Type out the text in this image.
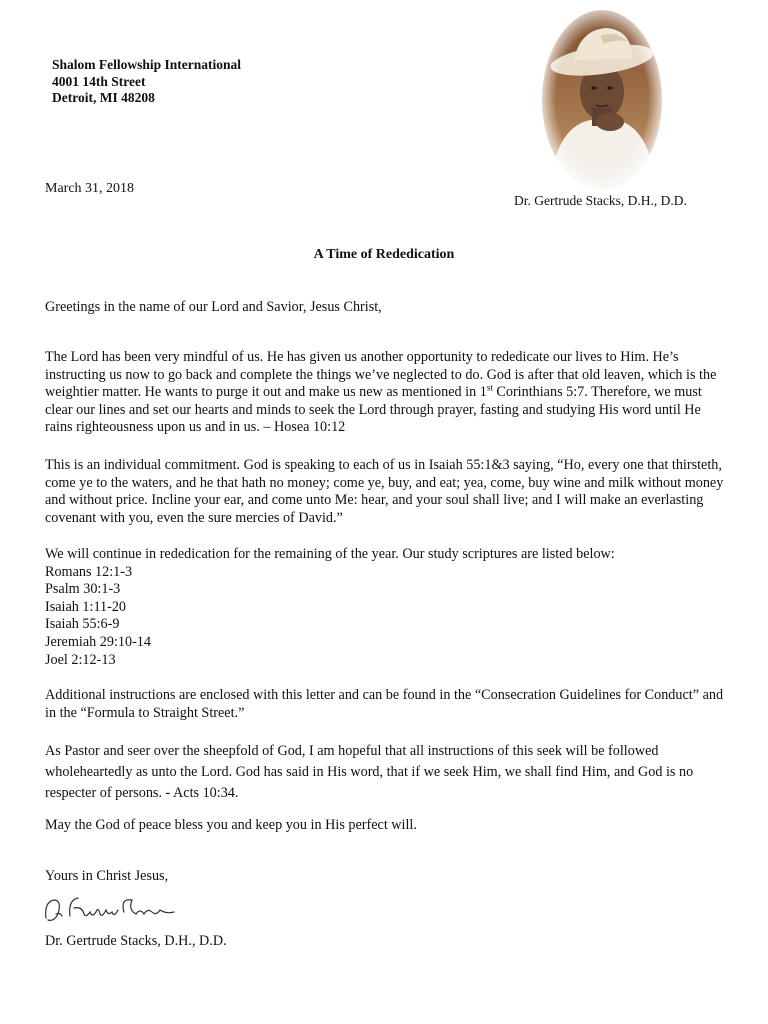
Shalom Fellowship International
4001 14th Street
Detroit, MI 48208
March 31, 2018
Dr. Gertrude Stacks, D.H., D.D.
A Time of Rededication
Greetings in the name of our Lord and Savior, Jesus Christ,
The Lord has been very mindful of us. He has given us another opportunity to rededicate our lives to Him. He’s instructing us now to go back and complete the things we’ve neglected to do. God is after that old leaven, which is the weightier matter. He wants to purge it out and make us new as mentioned in 1st Corinthians 5:7. Therefore, we must clear our lines and set our hearts and minds to seek the Lord through prayer, fasting and studying His word until He rains righteousness upon us and in us. – Hosea 10:12
This is an individual commitment. God is speaking to each of us in Isaiah 55:1&3 saying, “Ho, every one that thirsteth, come ye to the waters, and he that hath no money; come ye, buy, and eat; yea, come, buy wine and milk without money and without price. Incline your ear, and come unto Me: hear, and your soul shall live; and I will make an everlasting covenant with you, even the sure mercies of David.”
We will continue in rededication for the remaining of the year. Our study scriptures are listed below:
Romans 12:1-3
Psalm 30:1-3
Isaiah 1:11-20
Isaiah 55:6-9
Jeremiah 29:10-14
Joel 2:12-13
Additional instructions are enclosed with this letter and can be found in the “Consecration Guidelines for Conduct” and in the “Formula to Straight Street.”
As Pastor and seer over the sheepfold of God, I am hopeful that all instructions of this seek will be followed wholeheartedly as unto the Lord. God has said in His word, that if we seek Him, we shall find Him, and God is no respecter of persons. - Acts 10:34.
May the God of peace bless you and keep you in His perfect will.
Yours in Christ Jesus,
Dr. Gertrude Stacks, D.H., D.D.
